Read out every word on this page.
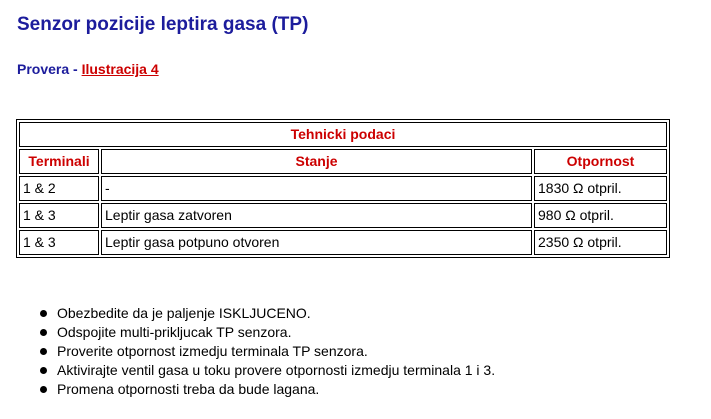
Senzor pozicije leptira gasa (TP)
Provera - Ilustracija 4
Tehnicki podaci		
Terminali	Stanje	Otpornost
1 & 2	-	1830 Ω otpril.
1 & 3	Leptir gasa zatvoren	980 Ω otpril.
1 & 3	Leptir gasa potpuno otvoren	2350 Ω otpril.
Obezbedite da je paljenje ISKLJUCENO.
Odspojite multi-prikljucak TP senzora.
Proverite otpornost izmedju terminala TP senzora.
Aktivirajte ventil gasa u toku provere otpornosti izmedju terminala 1 i 3.
Promena otpornosti treba da bude lagana.
